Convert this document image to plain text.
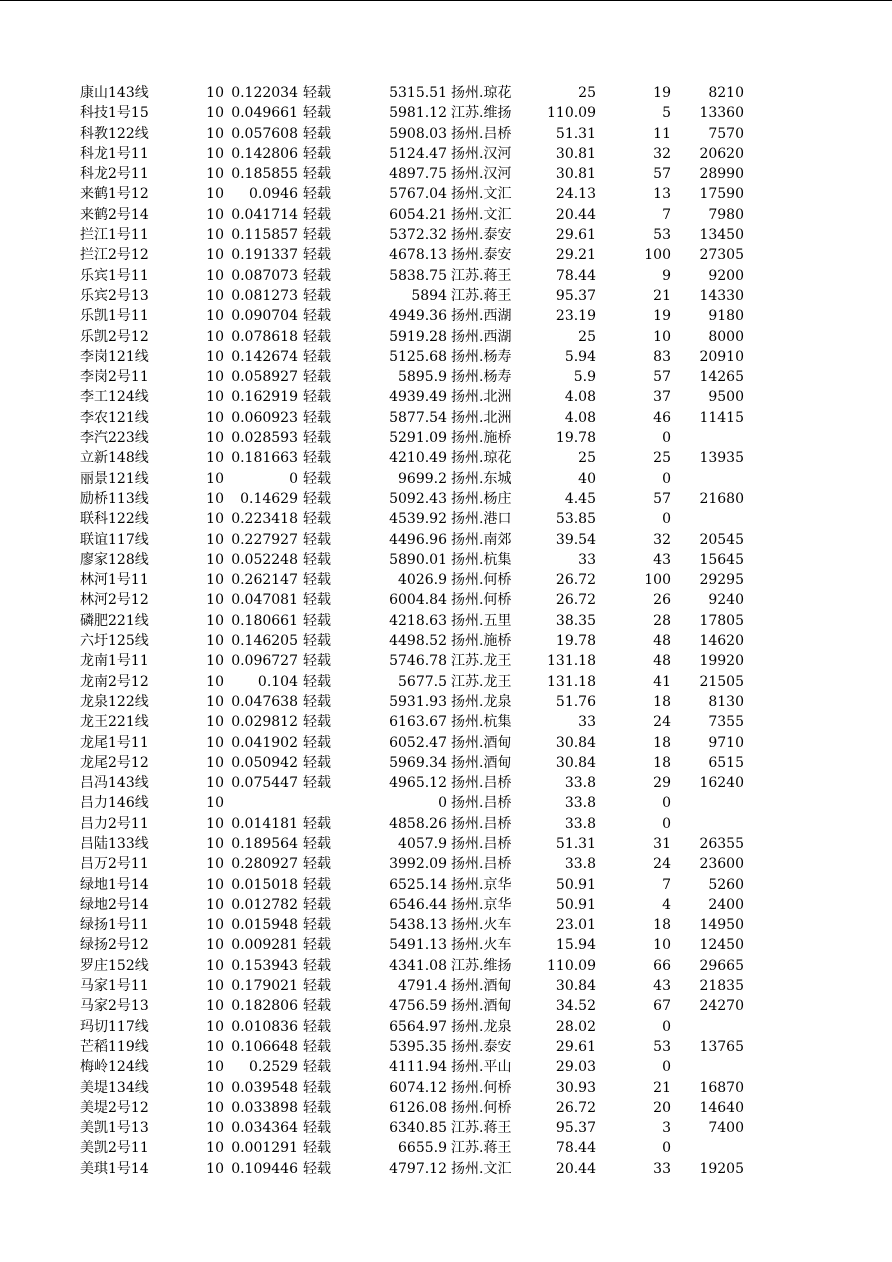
康山143线	10 0.122034 轻载	5315.51 扬州.琼花	25	19	8210
科技1号15	10 0.049661 轻载	5981.12 江苏.维扬	110.09	5	13360
科教122线	10 0.057608 轻载	5908.03 扬州.吕桥	51.31	11	7570
科龙1号11	10 0.142806 轻载	5124.47 扬州.汉河	30.81	32	20620
科龙2号11	10 0.185855 轻载	4897.75 扬州.汉河	30.81	57	28990
来鹤1号12	10	0.0946 轻载	5767.04 扬州.文汇	24.13	13	17590
来鹤2号14	10 0.041714 轻载	6054.21 扬州.文汇	20.44	7	7980
拦江1号11	10 0.115857 轻载	5372.32 扬州.泰安	29.61	53	13450
拦江2号12	10 0.191337 轻载	4678.13 扬州.泰安	29.21	100	27305
乐宾1号11	10 0.087073 轻载	5838.75 江苏.蒋王	78.44	9	9200
乐宾2号13	10 0.081273 轻载	5894 江苏.蒋王	95.37	21	14330
乐凯1号11	10 0.090704 轻载	4949.36 扬州.西湖	23.19	19	9180
乐凯2号12	10 0.078618 轻载	5919.28 扬州.西湖	25	10	8000
李岗121线	10 0.142674 轻载	5125.68 扬州.杨寿	5.94	83	20910
李岗2号11	10 0.058927 轻载	5895.9 扬州.杨寿	5.9	57	14265
李工124线	10 0.162919 轻载	4939.49 扬州.北洲	4.08	37	9500
李农121线	10 0.060923 轻载	5877.54 扬州.北洲	4.08	46	11415
李汽223线	10 0.028593 轻载	5291.09 扬州.施桥	19.78	0
立新148线	10 0.181663 轻载	4210.49 扬州.琼花	25	25	13935
丽景121线	10	0 轻载	9699.2 扬州.东城	40	0
励桥113线	10	0.14629 轻载	5092.43 扬州.杨庄	4.45	57	21680
联科122线	10 0.223418 轻载	4539.92 扬州.港口	53.85	0
联谊117线	10 0.227927 轻载	4496.96 扬州.南郊	39.54	32	20545
廖家128线	10 0.052248 轻载	5890.01 扬州.杭集	33	43	15645
林河1号11	10 0.262147 轻载	4026.9 扬州.何桥	26.72	100	29295
林河2号12	10 0.047081 轻载	6004.84 扬州.何桥	26.72	26	9240
磷肥221线	10 0.180661 轻载	4218.63 扬州.五里	38.35	28	17805
六圩125线	10 0.146205 轻载	4498.52 扬州.施桥	19.78	48	14620
龙南1号11	10 0.096727 轻载	5746.78 江苏.龙王	131.18	48	19920
龙南2号12	10	0.104 轻载	5677.5 江苏.龙王	131.18	41	21505
龙泉122线	10 0.047638 轻载	5931.93 扬州.龙泉	51.76	18	8130
龙王221线	10 0.029812 轻载	6163.67 扬州.杭集	33	24	7355
龙尾1号11	10 0.041902 轻载	6052.47 扬州.酒甸	30.84	18	9710
龙尾2号12	10 0.050942 轻载	5969.34 扬州.酒甸	30.84	18	6515
吕冯143线	10 0.075447 轻载	4965.12 扬州.吕桥	33.8	29	16240
吕力146线	10	0 扬州.吕桥	33.8	0
吕力2号11	10 0.014181 轻载	4858.26 扬州.吕桥	33.8	0
吕陆133线	10 0.189564 轻载	4057.9 扬州.吕桥	51.31	31	26355
吕万2号11	10 0.280927 轻载	3992.09 扬州.吕桥	33.8	24	23600
绿地1号14	10 0.015018 轻载	6525.14 扬州.京华	50.91	7	5260
绿地2号14	10 0.012782 轻载	6546.44 扬州.京华	50.91	4	2400
绿扬1号11	10 0.015948 轻载	5438.13 扬州.火车	23.01	18	14950
绿扬2号12	10 0.009281 轻载	5491.13 扬州.火车	15.94	10	12450
罗庄152线	10 0.153943 轻载	4341.08 江苏.维扬	110.09	66	29665
马家1号11	10 0.179021 轻载	4791.4 扬州.酒甸	30.84	43	21835
马家2号13	10 0.182806 轻载	4756.59 扬州.酒甸	34.52	67	24270
玛切117线	10 0.010836 轻载	6564.97 扬州.龙泉	28.02	0
芒稻119线	10 0.106648 轻载	5395.35 扬州.泰安	29.61	53	13765
梅岭124线	10	0.2529 轻载	4111.94 扬州.平山	29.03	0
美堤134线	10 0.039548 轻载	6074.12 扬州.何桥	30.93	21	16870
美堤2号12	10 0.033898 轻载	6126.08 扬州.何桥	26.72	20	14640
美凯1号13	10 0.034364 轻载	6340.85 江苏.蒋王	95.37	3	7400
美凯2号11	10 0.001291 轻载	6655.9 江苏.蒋王	78.44	0
美琪1号14	10 0.109446 轻载	4797.12 扬州.文汇	20.44	33	19205
